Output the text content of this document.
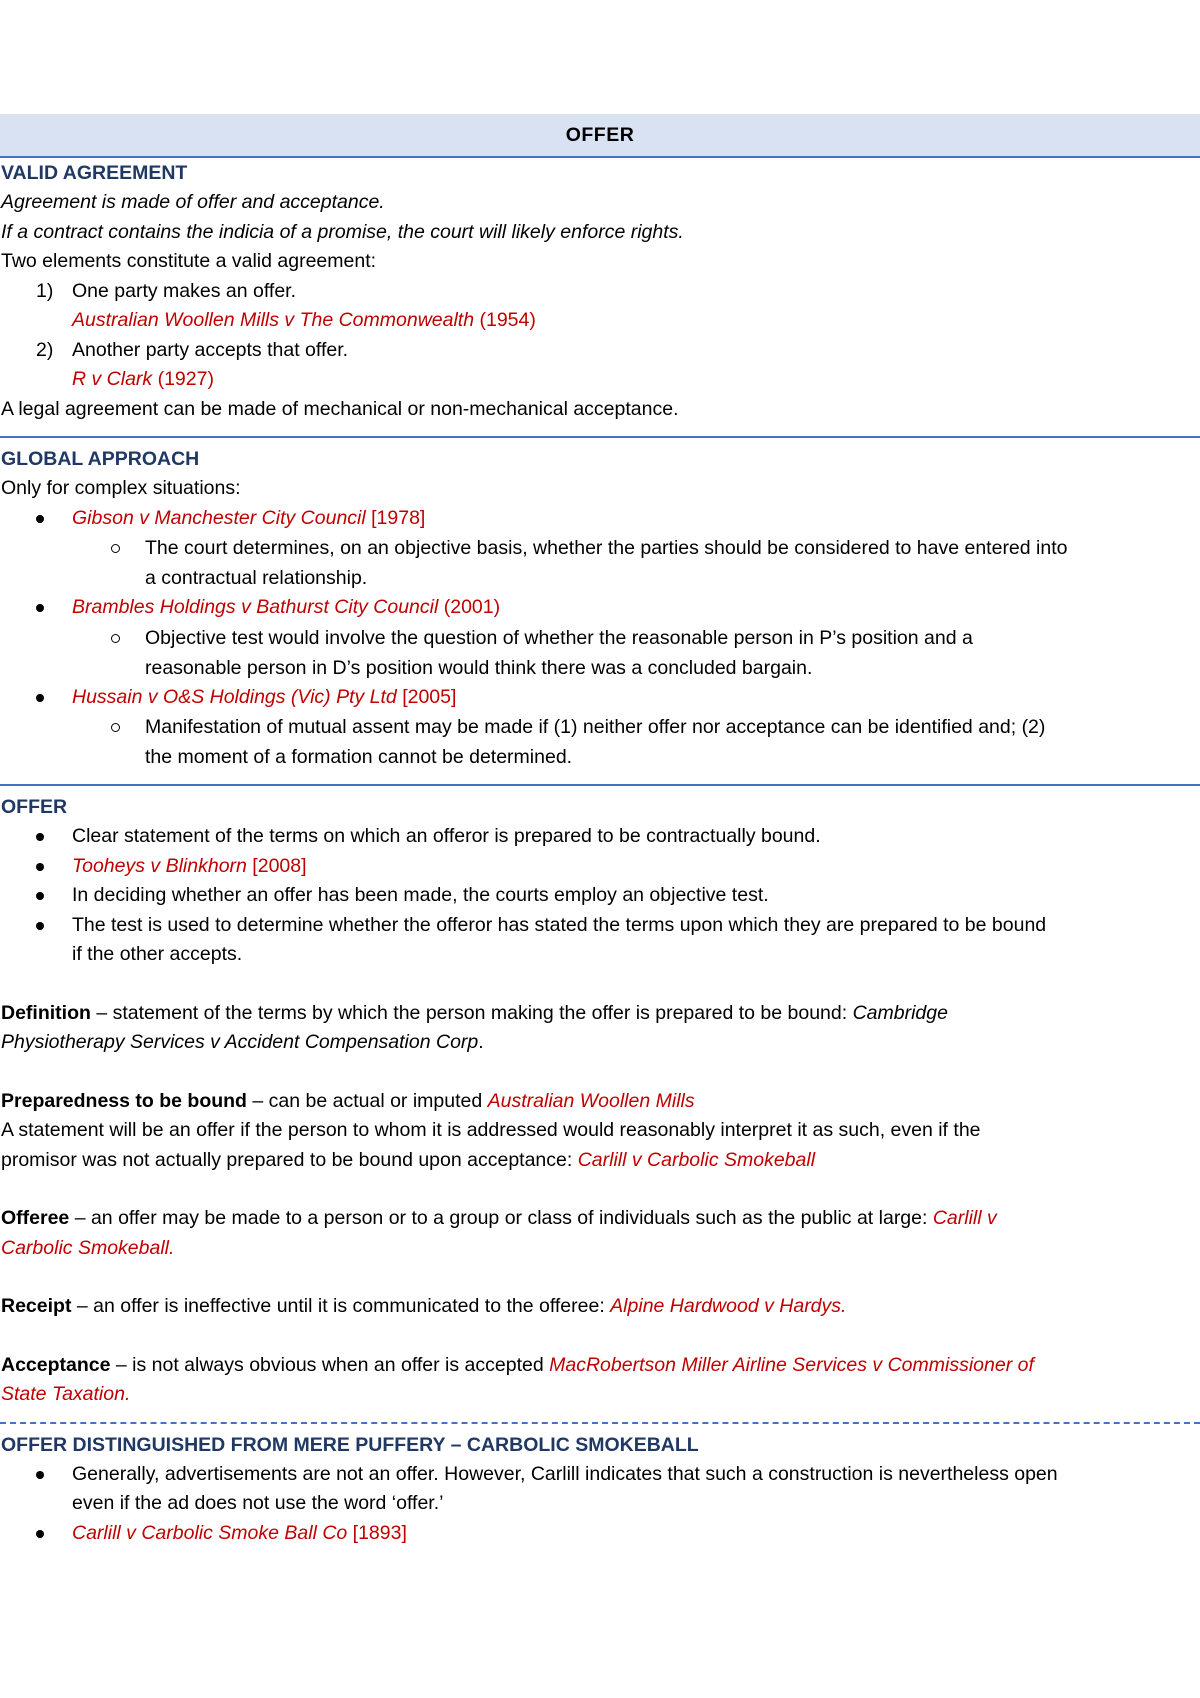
OFFER
VALID AGREEMENT
Agreement is made of offer and acceptance.
If a contract contains the indicia of a promise, the court will likely enforce rights.
Two elements constitute a valid agreement:
1) One party makes an offer.
Australian Woollen Mills v The Commonwealth (1954)
2) Another party accepts that offer.
R v Clark (1927)
A legal agreement can be made of mechanical or non-mechanical acceptance.
GLOBAL APPROACH
Only for complex situations:
Gibson v Manchester City Council [1978]
The court determines, on an objective basis, whether the parties should be considered to have entered into
a contractual relationship.
Brambles Holdings v Bathurst City Council (2001)
Objective test would involve the question of whether the reasonable person in P’s position and a
reasonable person in D’s position would think there was a concluded bargain.
Hussain v O&S Holdings (Vic) Pty Ltd [2005]
Manifestation of mutual assent may be made if (1) neither offer nor acceptance can be identified and; (2)
the moment of a formation cannot be determined.
OFFER
Clear statement of the terms on which an offeror is prepared to be contractually bound.
Tooheys v Blinkhorn [2008]
In deciding whether an offer has been made, the courts employ an objective test.
The test is used to determine whether the offeror has stated the terms upon which they are prepared to be bound
if the other accepts.
Definition – statement of the terms by which the person making the offer is prepared to be bound: Cambridge
Physiotherapy Services v Accident Compensation Corp.
Preparedness to be bound – can be actual or imputed Australian Woollen Mills
A statement will be an offer if the person to whom it is addressed would reasonably interpret it as such, even if the
promisor was not actually prepared to be bound upon acceptance: Carlill v Carbolic Smokeball
Offeree – an offer may be made to a person or to a group or class of individuals such as the public at large: Carlill v
Carbolic Smokeball.
Receipt – an offer is ineffective until it is communicated to the offeree: Alpine Hardwood v Hardys.
Acceptance – is not always obvious when an offer is accepted MacRobertson Miller Airline Services v Commissioner of
State Taxation.
OFFER DISTINGUISHED FROM MERE PUFFERY – CARBOLIC SMOKEBALL
Generally, advertisements are not an offer. However, Carlill indicates that such a construction is nevertheless open
even if the ad does not use the word ‘offer.’
Carlill v Carbolic Smoke Ball Co [1893]
